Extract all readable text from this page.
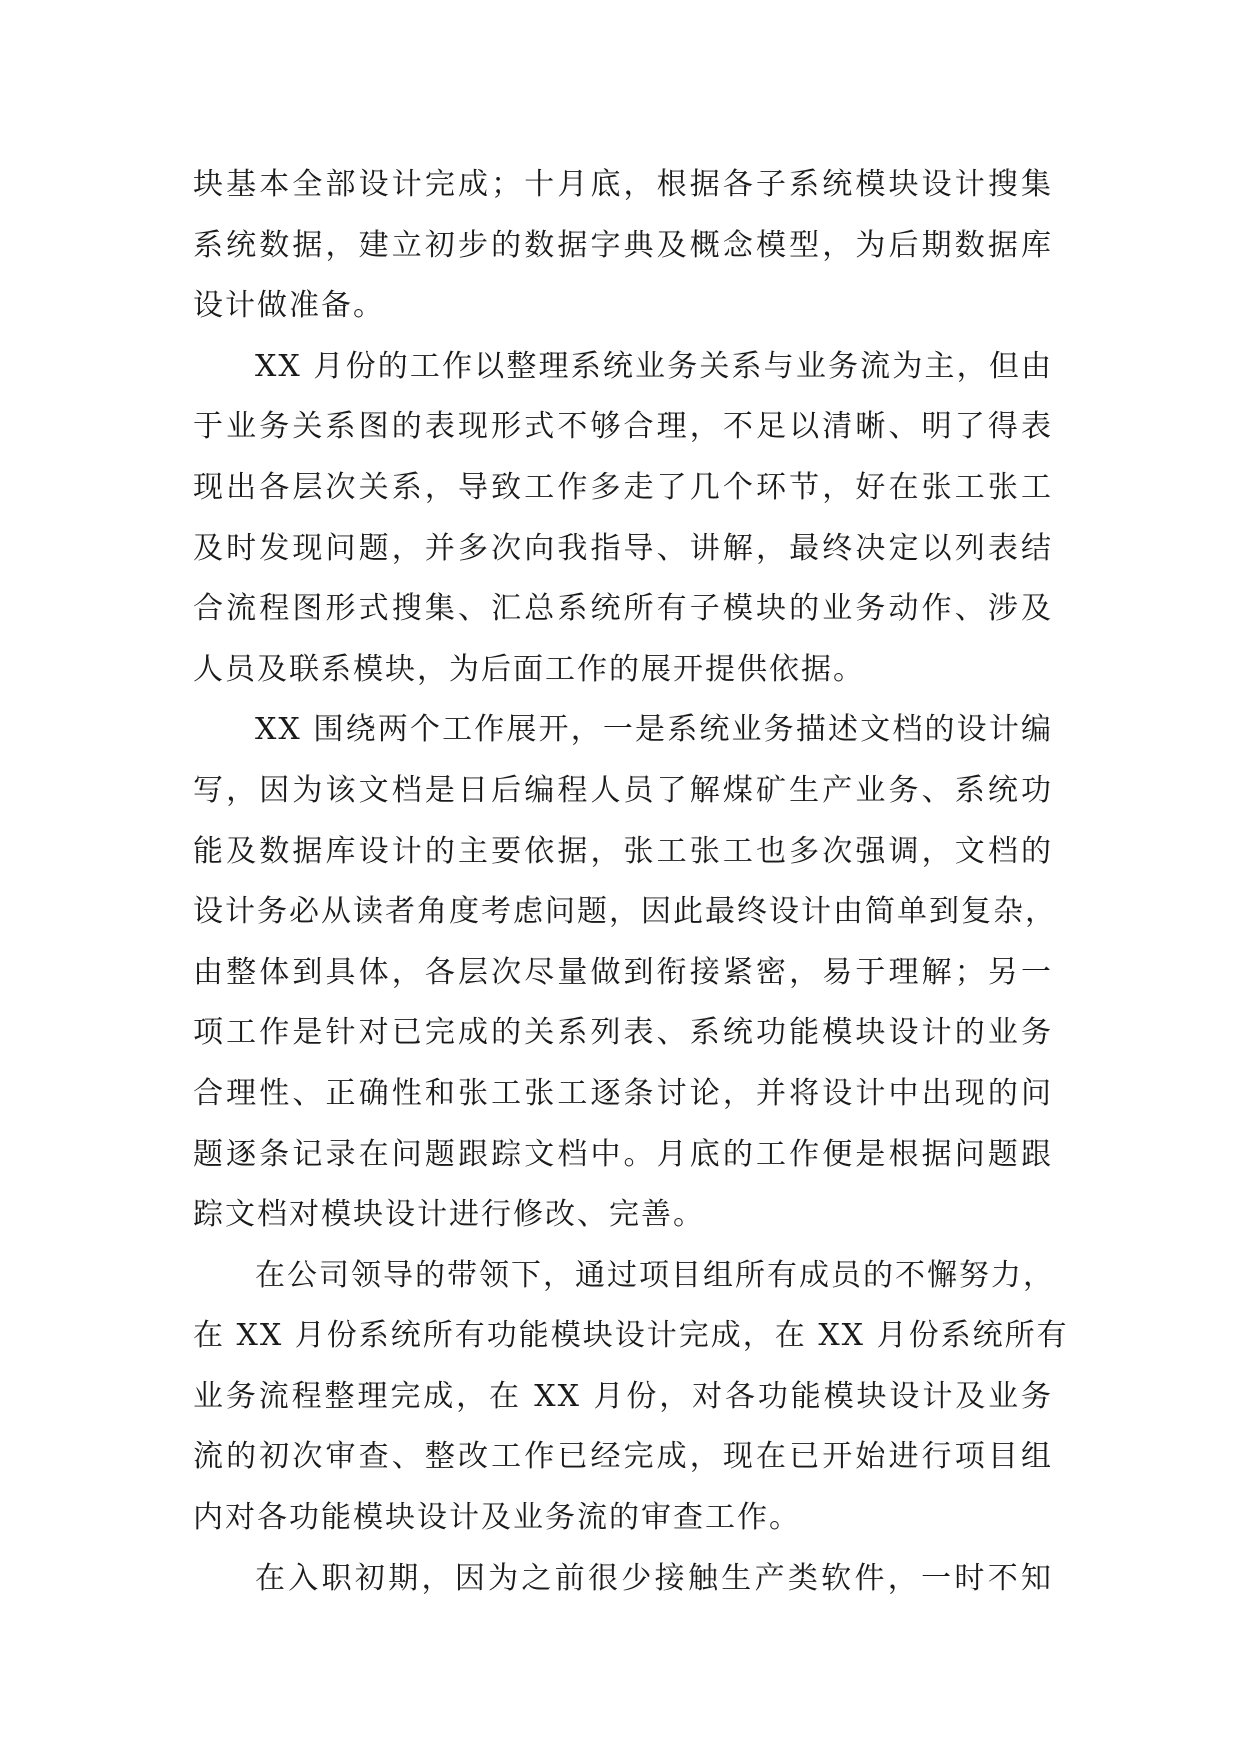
块基本全部设计完成；十月底，根据各子系统模块设计搜集
系统数据，建立初步的数据字典及概念模型，为后期数据库
设计做准备。
XX 月份的工作以整理系统业务关系与业务流为主，但由
于业务关系图的表现形式不够合理，不足以清晰、明了得表
现出各层次关系，导致工作多走了几个环节，好在张工张工
及时发现问题，并多次向我指导、讲解，最终决定以列表结
合流程图形式搜集、汇总系统所有子模块的业务动作、涉及
人员及联系模块，为后面工作的展开提供依据。
XX 围绕两个工作展开，一是系统业务描述文档的设计编
写，因为该文档是日后编程人员了解煤矿生产业务、系统功
能及数据库设计的主要依据，张工张工也多次强调，文档的
设计务必从读者角度考虑问题，因此最终设计由简单到复杂，
由整体到具体，各层次尽量做到衔接紧密，易于理解；另一
项工作是针对已完成的关系列表、系统功能模块设计的业务
合理性、正确性和张工张工逐条讨论，并将设计中出现的问
题逐条记录在问题跟踪文档中。月底的工作便是根据问题跟
踪文档对模块设计进行修改、完善。
在公司领导的带领下，通过项目组所有成员的不懈努力，
在 XX 月份系统所有功能模块设计完成，在 XX 月份系统所有
业务流程整理完成，在 XX 月份，对各功能模块设计及业务
流的初次审查、整改工作已经完成，现在已开始进行项目组
内对各功能模块设计及业务流的审查工作。
在入职初期，因为之前很少接触生产类软件，一时不知
